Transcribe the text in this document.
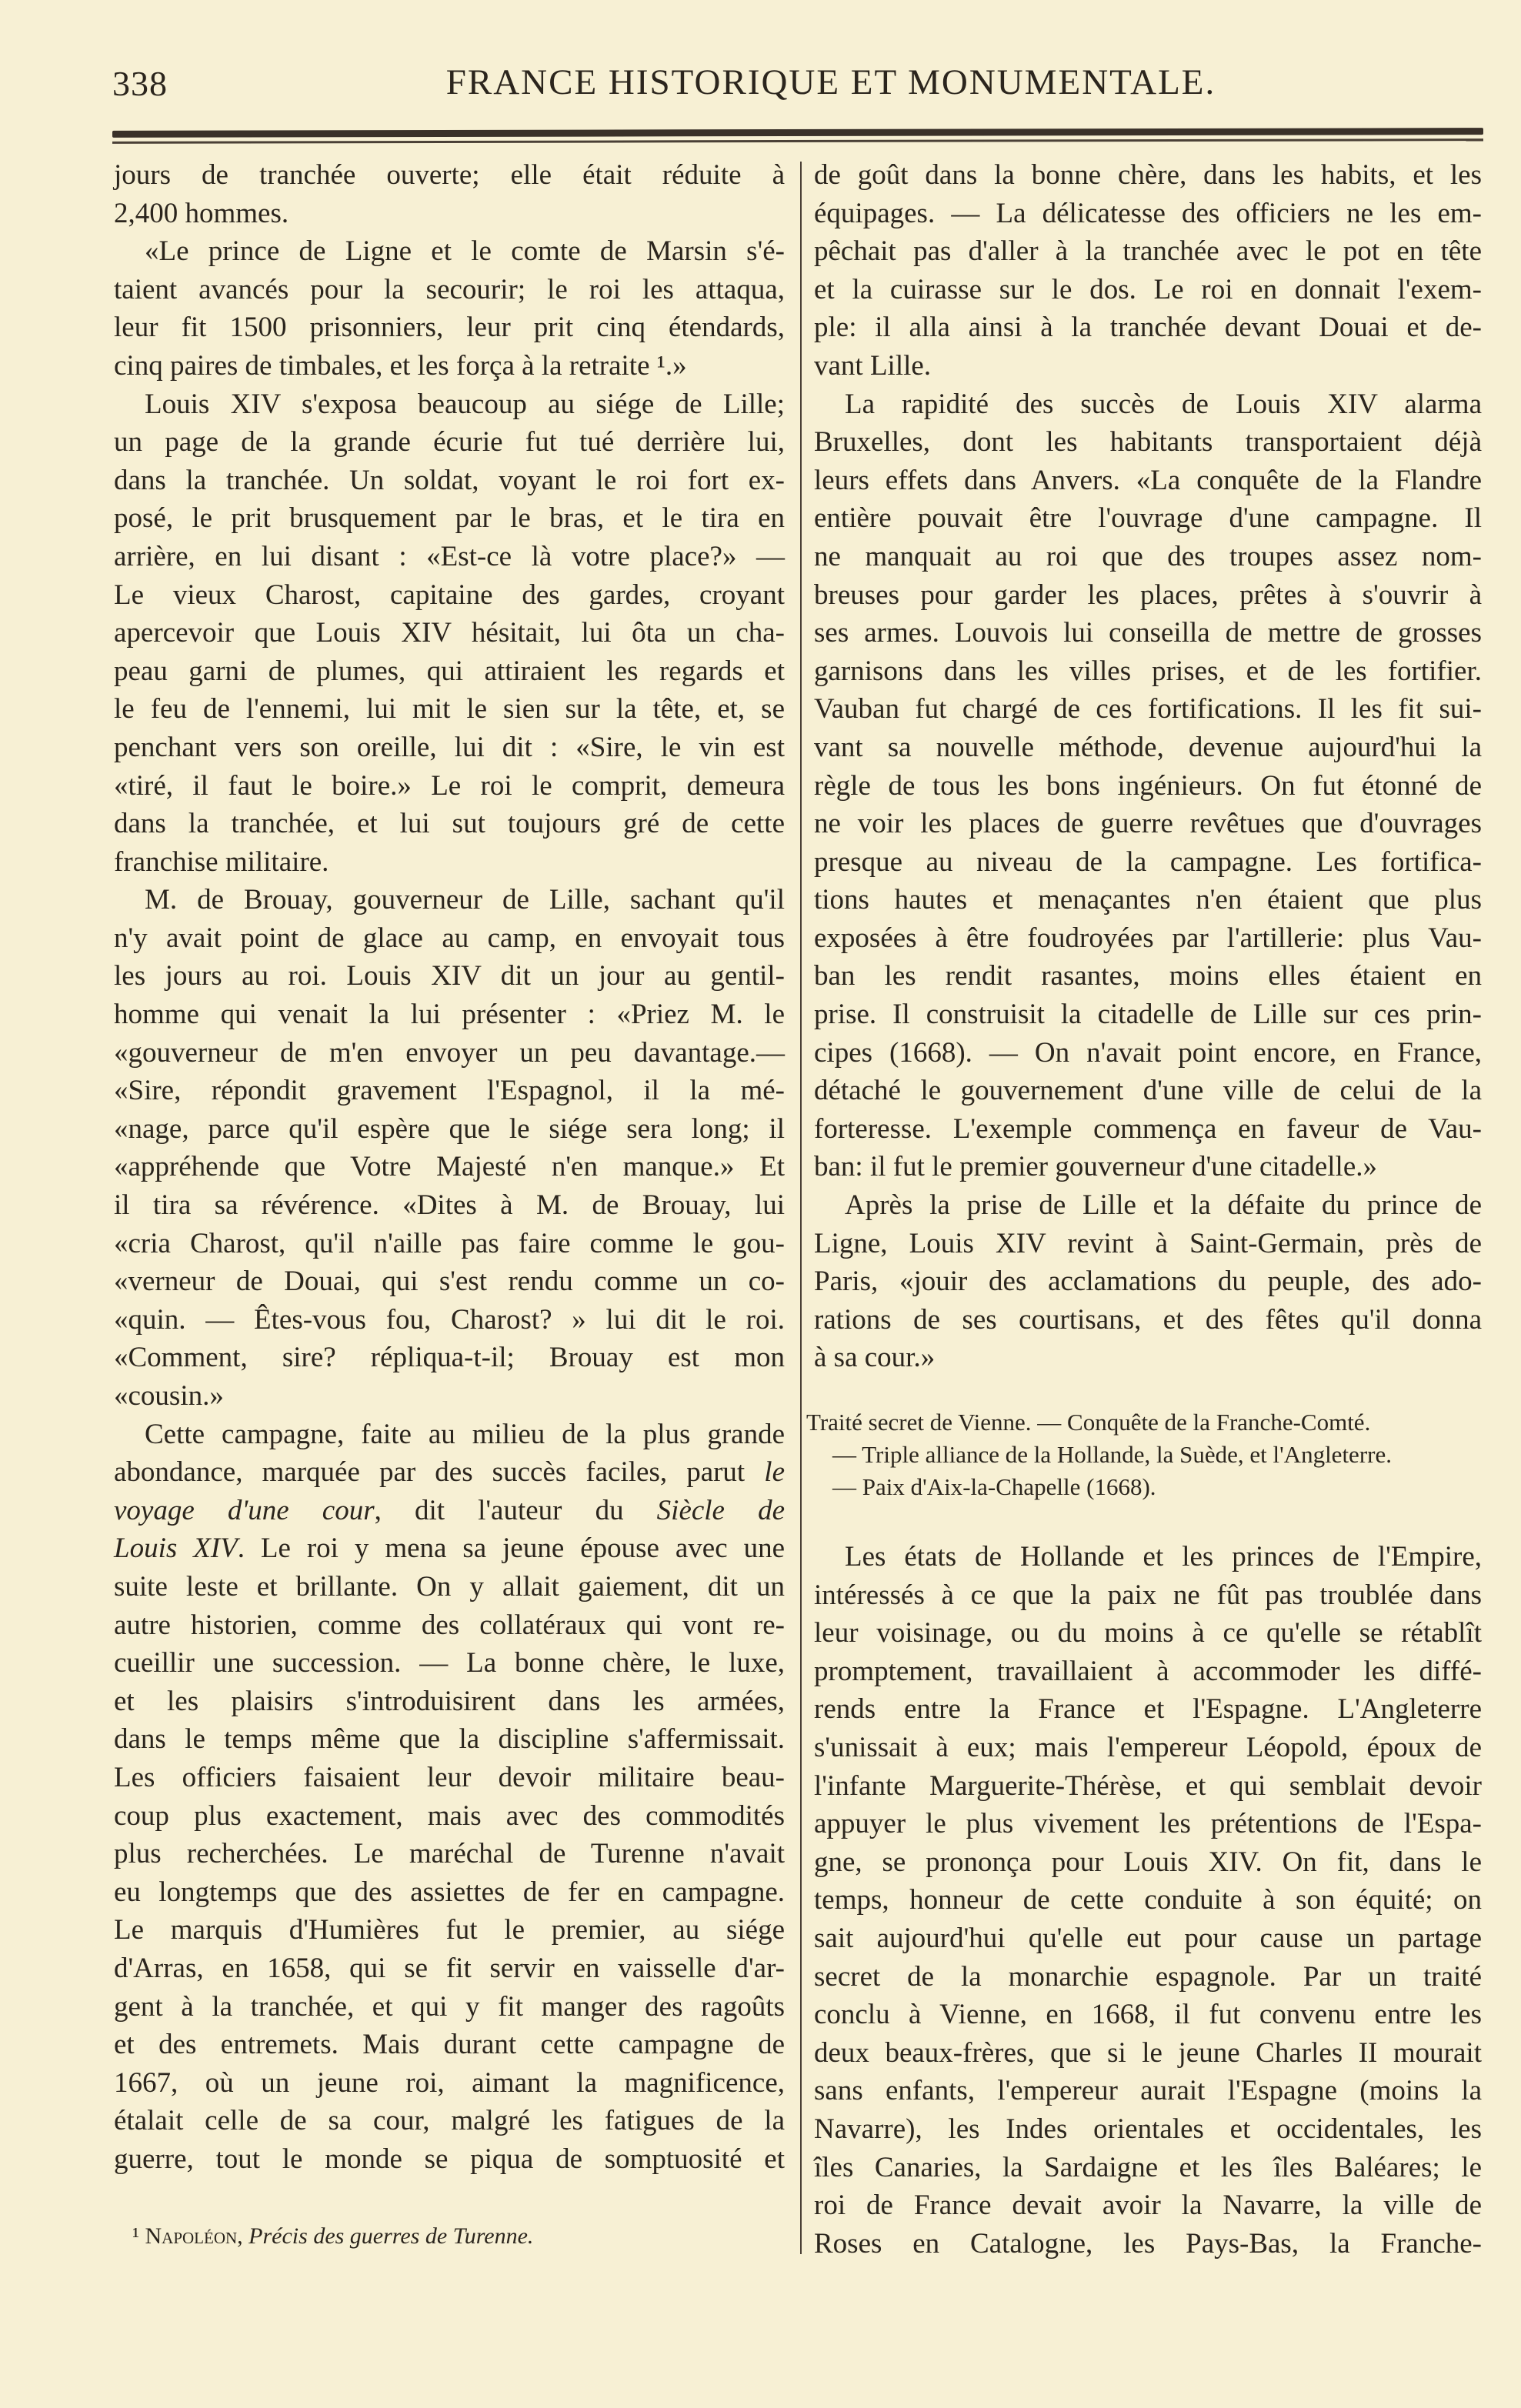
338	FRANCE HISTORIQUE ET MONUMENTALE.
jours de tranchée ouverte; elle était réduite à
2,400 hommes.
«Le prince de Ligne et le comte de Marsin s'é-
taient avancés pour la secourir; le roi les attaqua,
leur fit 1500 prisonniers, leur prit cinq étendards,
cinq paires de timbales, et les força à la retraite ¹.»
Louis XIV s'exposa beaucoup au siége de Lille;
un page de la grande écurie fut tué derrière lui,
dans la tranchée. Un soldat, voyant le roi fort ex-
posé, le prit brusquement par le bras, et le tira en
arrière, en lui disant : «Est-ce là votre place?» —
Le vieux Charost, capitaine des gardes, croyant
apercevoir que Louis XIV hésitait, lui ôta un cha-
peau garni de plumes, qui attiraient les regards et
le feu de l'ennemi, lui mit le sien sur la tête, et, se
penchant vers son oreille, lui dit : «Sire, le vin est
«tiré, il faut le boire.» Le roi le comprit, demeura
dans la tranchée, et lui sut toujours gré de cette
franchise militaire.
M. de Brouay, gouverneur de Lille, sachant qu'il
n'y avait point de glace au camp, en envoyait tous
les jours au roi. Louis XIV dit un jour au gentil-
homme qui venait la lui présenter : «Priez M. le
«gouverneur de m'en envoyer un peu davantage.—
«Sire, répondit gravement l'Espagnol, il la mé-
«nage, parce qu'il espère que le siége sera long; il
«appréhende que Votre Majesté n'en manque.» Et
il tira sa révérence. «Dites à M. de Brouay, lui
«cria Charost, qu'il n'aille pas faire comme le gou-
«verneur de Douai, qui s'est rendu comme un co-
«quin. — Êtes-vous fou, Charost? » lui dit le roi.
«Comment, sire? répliqua-t-il; Brouay est mon
«cousin.»
Cette campagne, faite au milieu de la plus grande
abondance, marquée par des succès faciles, parut le
voyage d'une cour, dit l'auteur du Siècle de
Louis XIV. Le roi y mena sa jeune épouse avec une
suite leste et brillante. On y allait gaiement, dit un
autre historien, comme des collatéraux qui vont re-
cueillir une succession. — La bonne chère, le luxe,
et les plaisirs s'introduisirent dans les armées,
dans le temps même que la discipline s'affermissait.
Les officiers faisaient leur devoir militaire beau-
coup plus exactement, mais avec des commodités
plus recherchées. Le maréchal de Turenne n'avait
eu longtemps que des assiettes de fer en campagne.
Le marquis d'Humières fut le premier, au siége
d'Arras, en 1658, qui se fit servir en vaisselle d'ar-
gent à la tranchée, et qui y fit manger des ragoûts
et des entremets. Mais durant cette campagne de
1667, où un jeune roi, aimant la magnificence,
étalait celle de sa cour, malgré les fatigues de la
guerre, tout le monde se piqua de somptuosité et
de goût dans la bonne chère, dans les habits, et les
équipages. — La délicatesse des officiers ne les em-
pêchait pas d'aller à la tranchée avec le pot en tête
et la cuirasse sur le dos. Le roi en donnait l'exem-
ple: il alla ainsi à la tranchée devant Douai et de-
vant Lille.
La rapidité des succès de Louis XIV alarma
Bruxelles, dont les habitants transportaient déjà
leurs effets dans Anvers. «La conquête de la Flandre
entière pouvait être l'ouvrage d'une campagne. Il
ne manquait au roi que des troupes assez nom-
breuses pour garder les places, prêtes à s'ouvrir à
ses armes. Louvois lui conseilla de mettre de grosses
garnisons dans les villes prises, et de les fortifier.
Vauban fut chargé de ces fortifications. Il les fit sui-
vant sa nouvelle méthode, devenue aujourd'hui la
règle de tous les bons ingénieurs. On fut étonné de
ne voir les places de guerre revêtues que d'ouvrages
presque au niveau de la campagne. Les fortifica-
tions hautes et menaçantes n'en étaient que plus
exposées à être foudroyées par l'artillerie: plus Vau-
ban les rendit rasantes, moins elles étaient en
prise. Il construisit la citadelle de Lille sur ces prin-
cipes (1668). — On n'avait point encore, en France,
détaché le gouvernement d'une ville de celui de la
forteresse. L'exemple commença en faveur de Vau-
ban: il fut le premier gouverneur d'une citadelle.»
Après la prise de Lille et la défaite du prince de
Ligne, Louis XIV revint à Saint-Germain, près de
Paris, «jouir des acclamations du peuple, des ado-
rations de ses courtisans, et des fêtes qu'il donna
à sa cour.»
Traité secret de Vienne. — Conquête de la Franche-Comté.
— Triple alliance de la Hollande, la Suède, et l'Angleterre.
— Paix d'Aix-la-Chapelle (1668).
Les états de Hollande et les princes de l'Empire,
intéressés à ce que la paix ne fût pas troublée dans
leur voisinage, ou du moins à ce qu'elle se rétablît
promptement, travaillaient à accommoder les diffé-
rends entre la France et l'Espagne. L'Angleterre
s'unissait à eux; mais l'empereur Léopold, époux de
l'infante Marguerite-Thérèse, et qui semblait devoir
appuyer le plus vivement les prétentions de l'Espa-
gne, se prononça pour Louis XIV. On fit, dans le
temps, honneur de cette conduite à son équité; on
sait aujourd'hui qu'elle eut pour cause un partage
secret de la monarchie espagnole. Par un traité
conclu à Vienne, en 1668, il fut convenu entre les
deux beaux-frères, que si le jeune Charles II mourait
sans enfants, l'empereur aurait l'Espagne (moins la
Navarre), les Indes orientales et occidentales, les
îles Canaries, la Sardaigne et les îles Baléares; le
roi de France devait avoir la Navarre, la ville de
Roses en Catalogne, les Pays-Bas, la Franche-
¹ Napoléon, Précis des guerres de Turenne.
